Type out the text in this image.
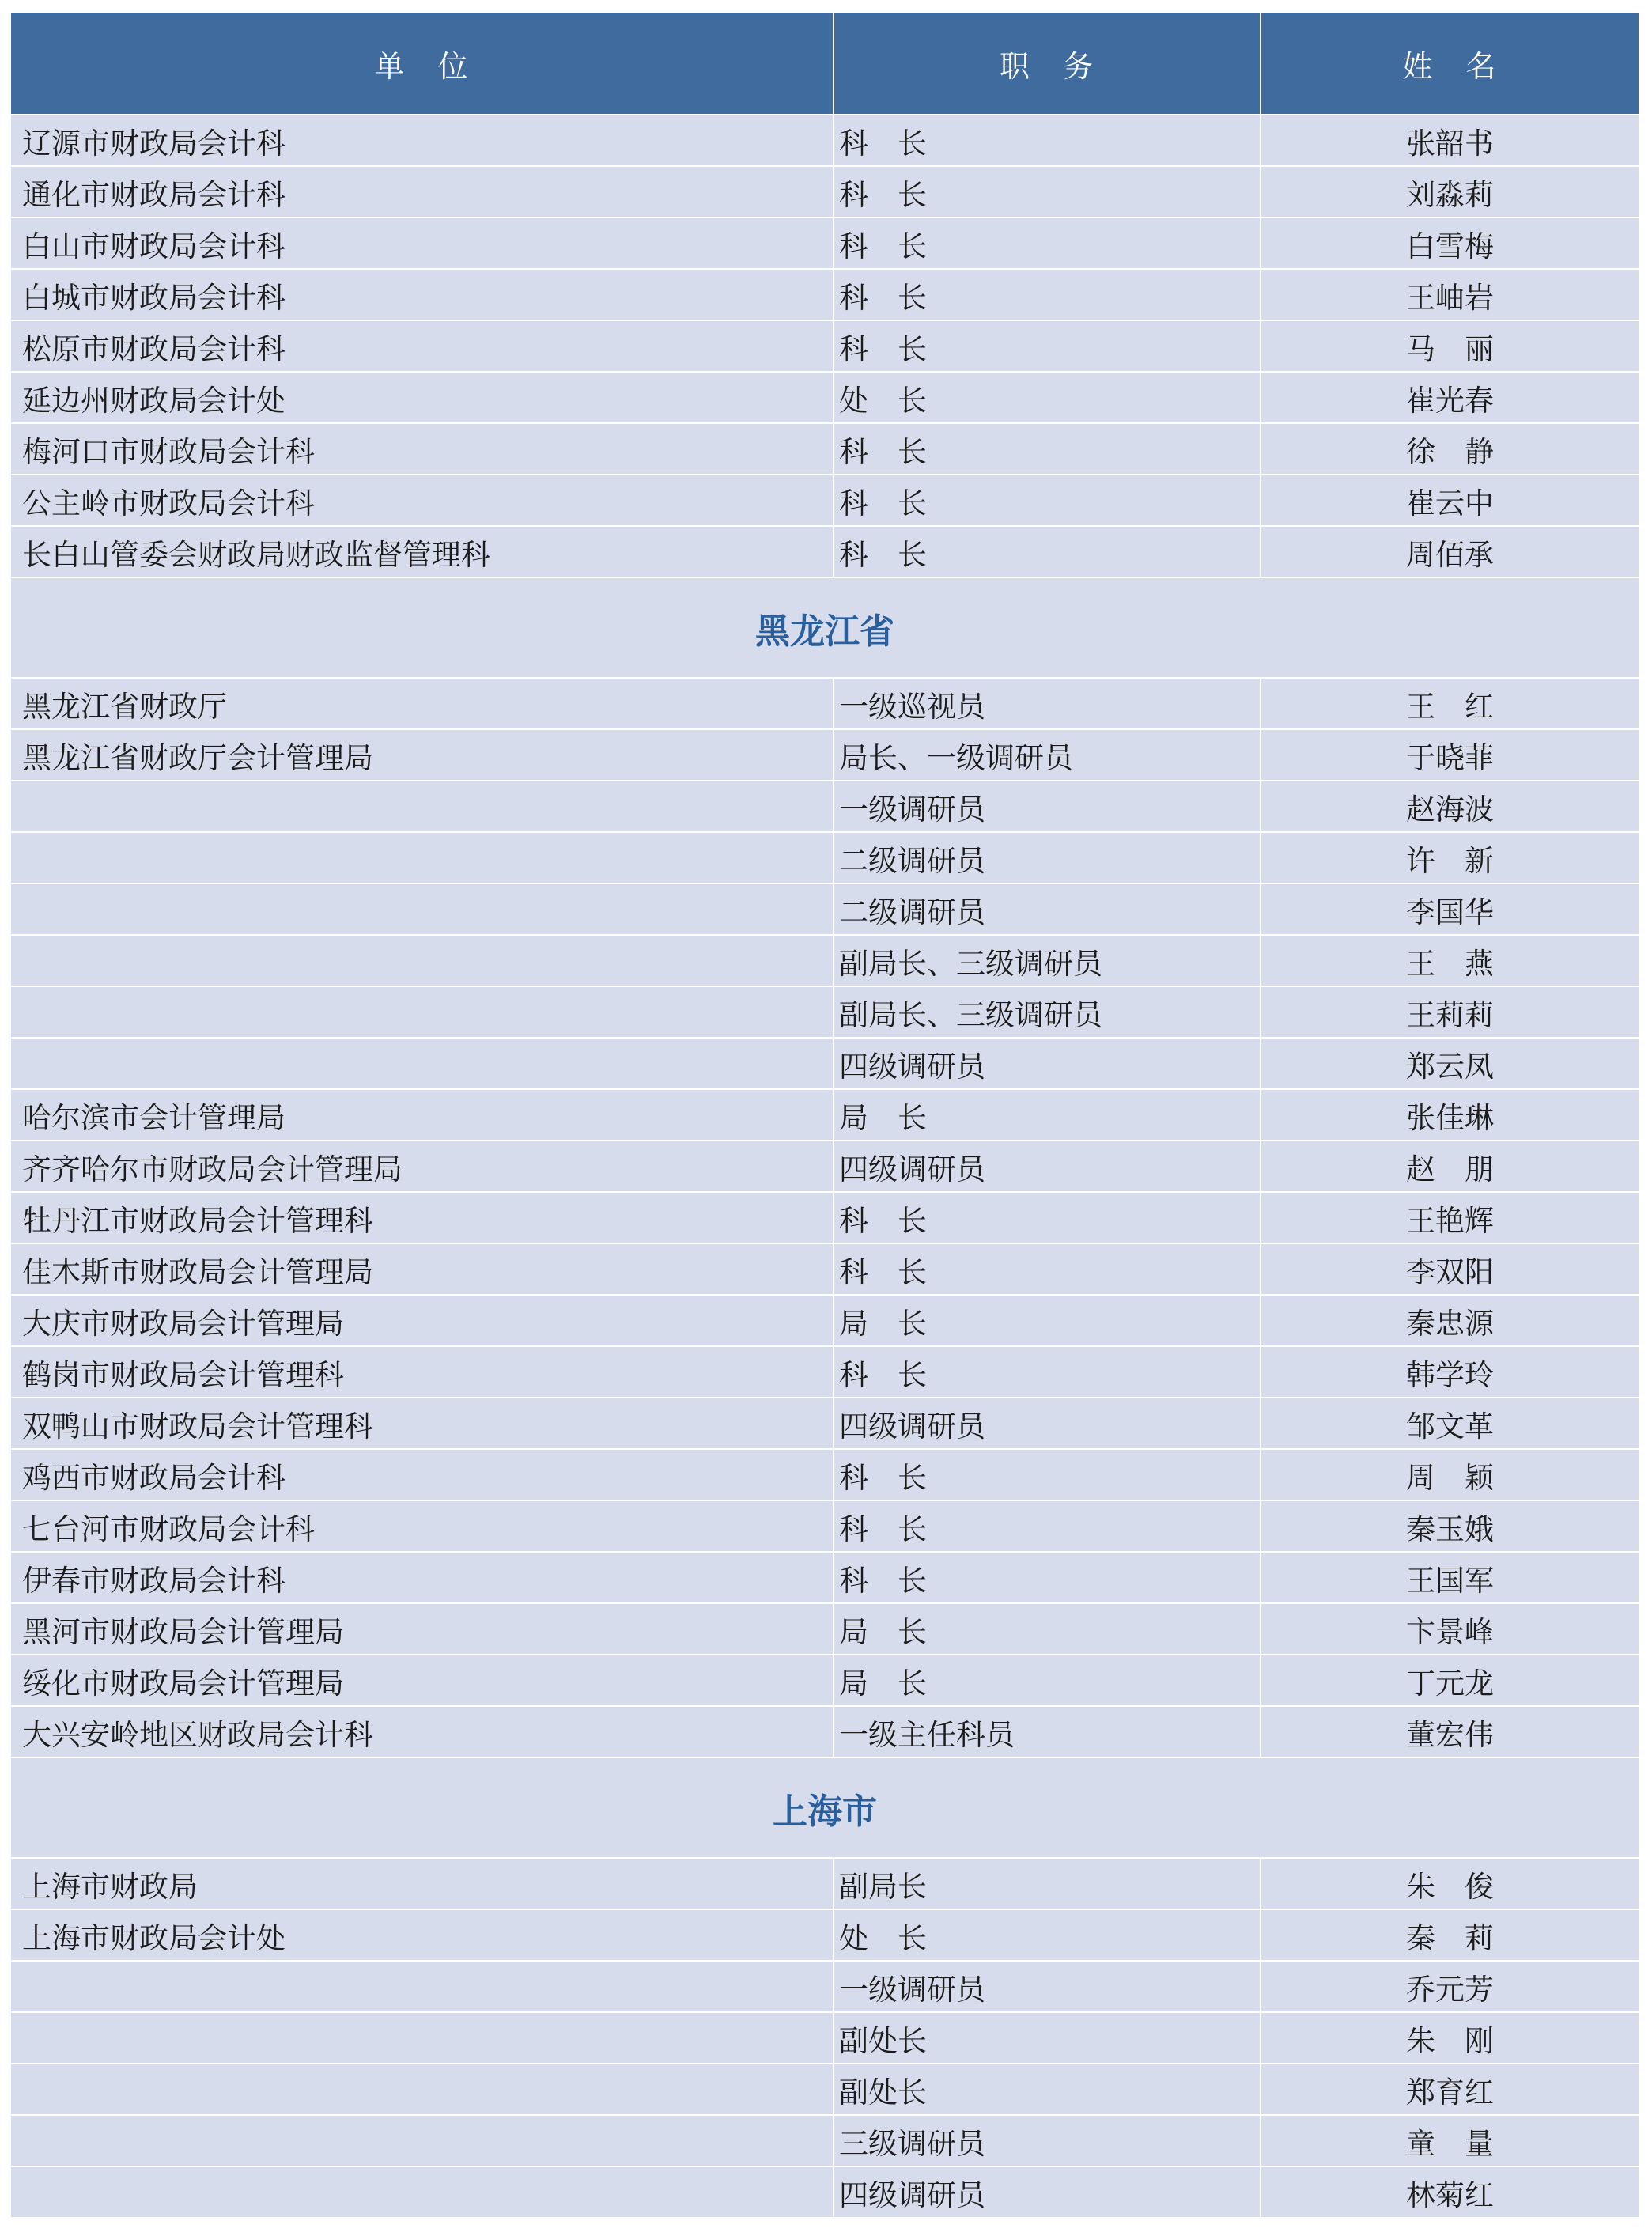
单　位	职　务	姓　名
辽源市财政局会计科	科　长	张韶书
通化市财政局会计科	科　长	刘淼莉
白山市财政局会计科	科　长	白雪梅
白城市财政局会计科	科　长	王岫岩
松原市财政局会计科	科　长	马　丽
延边州财政局会计处	处　长	崔光春
梅河口市财政局会计科	科　长	徐　静
公主岭市财政局会计科	科　长	崔云中
长白山管委会财政局财政监督管理科	科　长	周佰承
黑龙江省		
黑龙江省财政厅	一级巡视员	王　红
黑龙江省财政厅会计管理局	局长、一级调研员	于晓菲
	一级调研员	赵海波
	二级调研员	许　新
	二级调研员	李国华
	副局长、三级调研员	王　燕
	副局长、三级调研员	王莉莉
	四级调研员	郑云凤
哈尔滨市会计管理局	局　长	张佳琳
齐齐哈尔市财政局会计管理局	四级调研员	赵　朋
牡丹江市财政局会计管理科	科　长	王艳辉
佳木斯市财政局会计管理局	科　长	李双阳
大庆市财政局会计管理局	局　长	秦忠源
鹤岗市财政局会计管理科	科　长	韩学玲
双鸭山市财政局会计管理科	四级调研员	邹文革
鸡西市财政局会计科	科　长	周　颖
七台河市财政局会计科	科　长	秦玉娥
伊春市财政局会计科	科　长	王国军
黑河市财政局会计管理局	局　长	卞景峰
绥化市财政局会计管理局	局　长	丁元龙
大兴安岭地区财政局会计科	一级主任科员	董宏伟
上海市		
上海市财政局	副局长	朱　俊
上海市财政局会计处	处　长	秦　莉
	一级调研员	乔元芳
	副处长	朱　刚
	副处长	郑育红
	三级调研员	童　量
	四级调研员	林菊红
